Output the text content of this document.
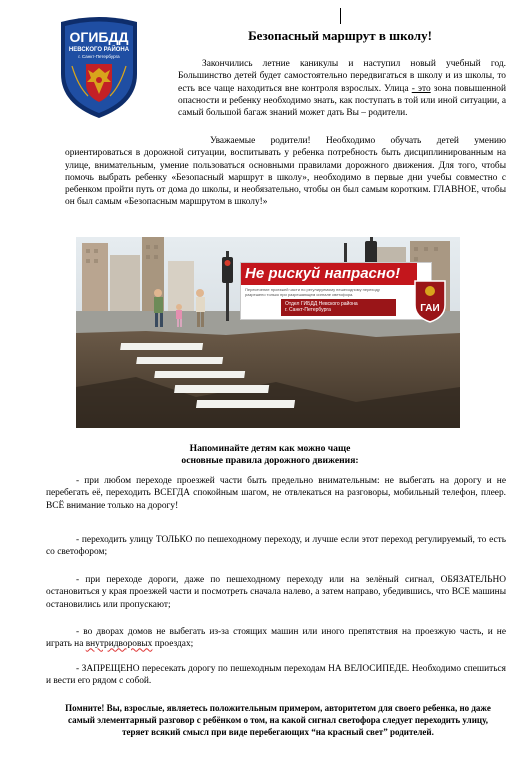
ОГИБДД
НЕВСКОГО РАЙОНА
г. Санкт-Петербурга
Безопасный маршрут в школу!
Закончились летние каникулы и наступил новый учебный год. Большинство детей будет самостоятельно передвигаться в школу и из школы, то есть все чаще находиться вне контроля взрослых. Улица - это зона повышенной опасности и ребенку необходимо знать, как поступать в той или иной ситуации, а самый большой багаж знаний может дать Вы – родители.
Уважаемые родители! Необходимо обучать детей умению ориентироваться в дорожной ситуации, воспитывать у ребенка потребность быть дисциплинированным на улице, внимательным, умение пользоваться основными правилами дорожного движения. Для того, чтобы помочь выбрать ребенку «Безопасный маршрут в школу», необходимо в первые дни учебы совместно с ребенком пройти путь от дома до школы, и необязательно, чтобы он был самым коротким. ГЛАВНОЕ, чтобы он был самым «Безопасным маршрутом в школу!»
Не рискуй напрасно!
Пересечение проезжей части по регулируемому пешеходному переходу разрешено только при разрешающем сигнале светофора.
Отдел ГИБДД Невского района
г. Санкт-Петербурга	ГАИ
Напоминайте детям как можно чаще
основные правила дорожного движения:
- при любом переходе проезжей части быть предельно внимательным: не выбегать на дорогу и не перебегать её, переходить ВСЕГДА спокойным шагом, не отвлекаться на разговоры, мобильный телефон, плеер. ВСЁ внимание только на дорогу!
- переходить улицу ТОЛЬКО по пешеходному переходу, и лучше если этот переход регулируемый, то есть со светофором;
- при переходе дороги, даже по пешеходному переходу или на зелёный сигнал, ОБЯЗАТЕЛЬНО остановиться у края проезжей части и посмотреть сначала налево, а затем направо, убедившись, что ВСЕ машины остановились или пропускают;
- во дворах домов не выбегать из-за стоящих машин или иного препятствия на проезжую часть, и не играть на внутридворовых проездах;
- ЗАПРЕЩЕНО пересекать дорогу по пешеходным переходам НА ВЕЛОСИПЕДЕ. Необходимо спешиться и вести его рядом с собой.
Помните! Вы, взрослые, являетесь положительным примером, авторитетом для своего ребенка, но даже самый элементарный разговор с ребёнком о том, на какой сигнал светофора следует переходить улицу, теряет всякий смысл при виде перебегающих “на красный свет” родителей.
